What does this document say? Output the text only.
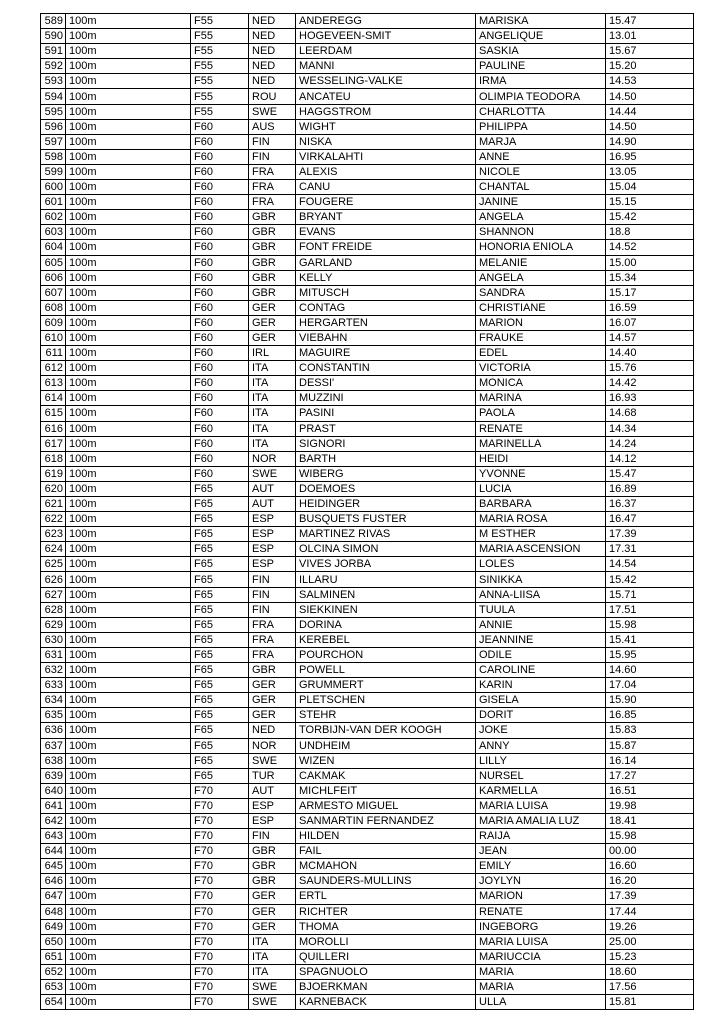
589	100m	F55	NED	ANDEREGG	MARISKA	15.47
590	100m	F55	NED	HOGEVEEN-SMIT	ANGELIQUE	13.01
591	100m	F55	NED	LEERDAM	SASKIA	15.67
592	100m	F55	NED	MANNI	PAULINE	15.20
593	100m	F55	NED	WESSELING-VALKE	IRMA	14.53
594	100m	F55	ROU	ANCATEU	OLIMPIA TEODORA	14.50
595	100m	F55	SWE	HAGGSTROM	CHARLOTTA	14.44
596	100m	F60	AUS	WIGHT	PHILIPPA	14.50
597	100m	F60	FIN	NISKA	MARJA	14.90
598	100m	F60	FIN	VIRKALAHTI	ANNE	16.95
599	100m	F60	FRA	ALEXIS	NICOLE	13.05
600	100m	F60	FRA	CANU	CHANTAL	15.04
601	100m	F60	FRA	FOUGERE	JANINE	15.15
602	100m	F60	GBR	BRYANT	ANGELA	15.42
603	100m	F60	GBR	EVANS	SHANNON	18.8
604	100m	F60	GBR	FONT FREIDE	HONORIA ENIOLA	14.52
605	100m	F60	GBR	GARLAND	MELANIE	15.00
606	100m	F60	GBR	KELLY	ANGELA	15.34
607	100m	F60	GBR	MITUSCH	SANDRA	15.17
608	100m	F60	GER	CONTAG	CHRISTIANE	16.59
609	100m	F60	GER	HERGARTEN	MARION	16.07
610	100m	F60	GER	VIEBAHN	FRAUKE	14.57
611	100m	F60	IRL	MAGUIRE	EDEL	14.40
612	100m	F60	ITA	CONSTANTIN	VICTORIA	15.76
613	100m	F60	ITA	DESSI'	MONICA	14.42
614	100m	F60	ITA	MUZZINI	MARINA	16.93
615	100m	F60	ITA	PASINI	PAOLA	14.68
616	100m	F60	ITA	PRAST	RENATE	14.34
617	100m	F60	ITA	SIGNORI	MARINELLA	14.24
618	100m	F60	NOR	BARTH	HEIDI	14.12
619	100m	F60	SWE	WIBERG	YVONNE	15.47
620	100m	F65	AUT	DOEMOES	LUCIA	16.89
621	100m	F65	AUT	HEIDINGER	BARBARA	16.37
622	100m	F65	ESP	BUSQUETS FUSTER	MARIA ROSA	16.47
623	100m	F65	ESP	MARTINEZ RIVAS	M ESTHER	17.39
624	100m	F65	ESP	OLCINA SIMON	MARIA ASCENSION	17.31
625	100m	F65	ESP	VIVES JORBA	LOLES	14.54
626	100m	F65	FIN	ILLARU	SINIKKA	15.42
627	100m	F65	FIN	SALMINEN	ANNA-LIISA	15.71
628	100m	F65	FIN	SIEKKINEN	TUULA	17.51
629	100m	F65	FRA	DORINA	ANNIE	15.98
630	100m	F65	FRA	KEREBEL	JEANNINE	15.41
631	100m	F65	FRA	POURCHON	ODILE	15.95
632	100m	F65	GBR	POWELL	CAROLINE	14.60
633	100m	F65	GER	GRUMMERT	KARIN	17.04
634	100m	F65	GER	PLETSCHEN	GISELA	15.90
635	100m	F65	GER	STEHR	DORIT	16.85
636	100m	F65	NED	TORBIJN-VAN DER KOOGH	JOKE	15.83
637	100m	F65	NOR	UNDHEIM	ANNY	15.87
638	100m	F65	SWE	WIZEN	LILLY	16.14
639	100m	F65	TUR	CAKMAK	NURSEL	17.27
640	100m	F70	AUT	MICHLFEIT	KARMELLA	16.51
641	100m	F70	ESP	ARMESTO MIGUEL	MARIA LUISA	19.98
642	100m	F70	ESP	SANMARTIN FERNANDEZ	MARIA AMALIA LUZ	18.41
643	100m	F70	FIN	HILDEN	RAIJA	15.98
644	100m	F70	GBR	FAIL	JEAN	00.00
645	100m	F70	GBR	MCMAHON	EMILY	16.60
646	100m	F70	GBR	SAUNDERS-MULLINS	JOYLYN	16.20
647	100m	F70	GER	ERTL	MARION	17.39
648	100m	F70	GER	RICHTER	RENATE	17.44
649	100m	F70	GER	THOMA	INGEBORG	19.26
650	100m	F70	ITA	MOROLLI	MARIA LUISA	25.00
651	100m	F70	ITA	QUILLERI	MARIUCCIA	15.23
652	100m	F70	ITA	SPAGNUOLO	MARIA	18.60
653	100m	F70	SWE	BJOERKMAN	MARIA	17.56
654	100m	F70	SWE	KARNEBACK	ULLA	15.81
